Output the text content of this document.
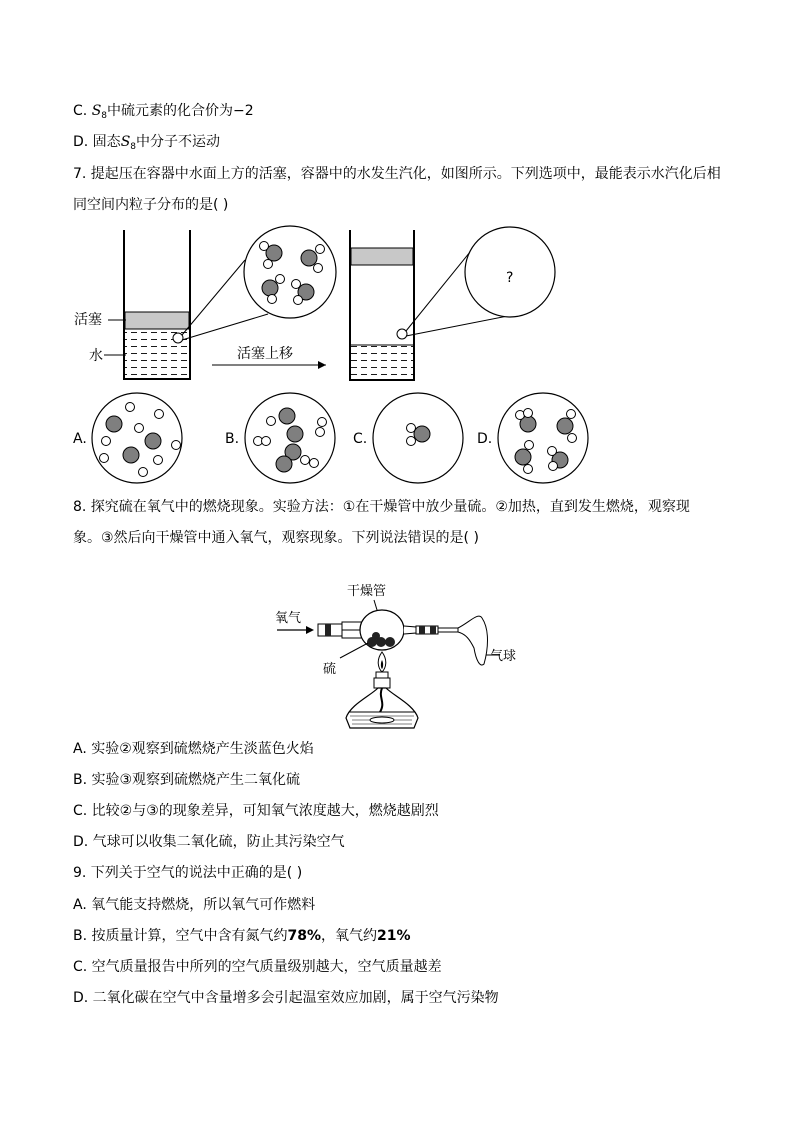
C. $S_8$中硫元素的化合价为−2
D. 固态$S_8$中分子不运动
7. 提起压在容器中水面上方的活塞，容器中的水发生汽化，如图所示。下列选项中，最能表示水汽化后相
同空间内粒子分布的是( )
活塞
水	活塞上移
?
A.	B.	C.	D.
8. 探究硫在氧气中的燃烧现象。实验方法：①在干燥管中放少量硫。②加热，直到发生燃烧，观察现
象。③然后向干燥管中通入氧气，观察现象。下列说法错误的是( )
干燥管
氧气
硫
气球
A. 实验②观察到硫燃烧产生淡蓝色火焰
B. 实验③观察到硫燃烧产生二氧化硫
C. 比较②与③的现象差异，可知氧气浓度越大，燃烧越剧烈
D. 气球可以收集二氧化硫，防止其污染空气
9. 下列关于空气的说法中正确的是( )
A. 氧气能支持燃烧，所以氧气可作燃料
B. 按质量计算，空气中含有氮气约78%，氧气约21%
C. 空气质量报告中所列的空气质量级别越大，空气质量越差
D. 二氧化碳在空气中含量增多会引起温室效应加剧，属于空气污染物
